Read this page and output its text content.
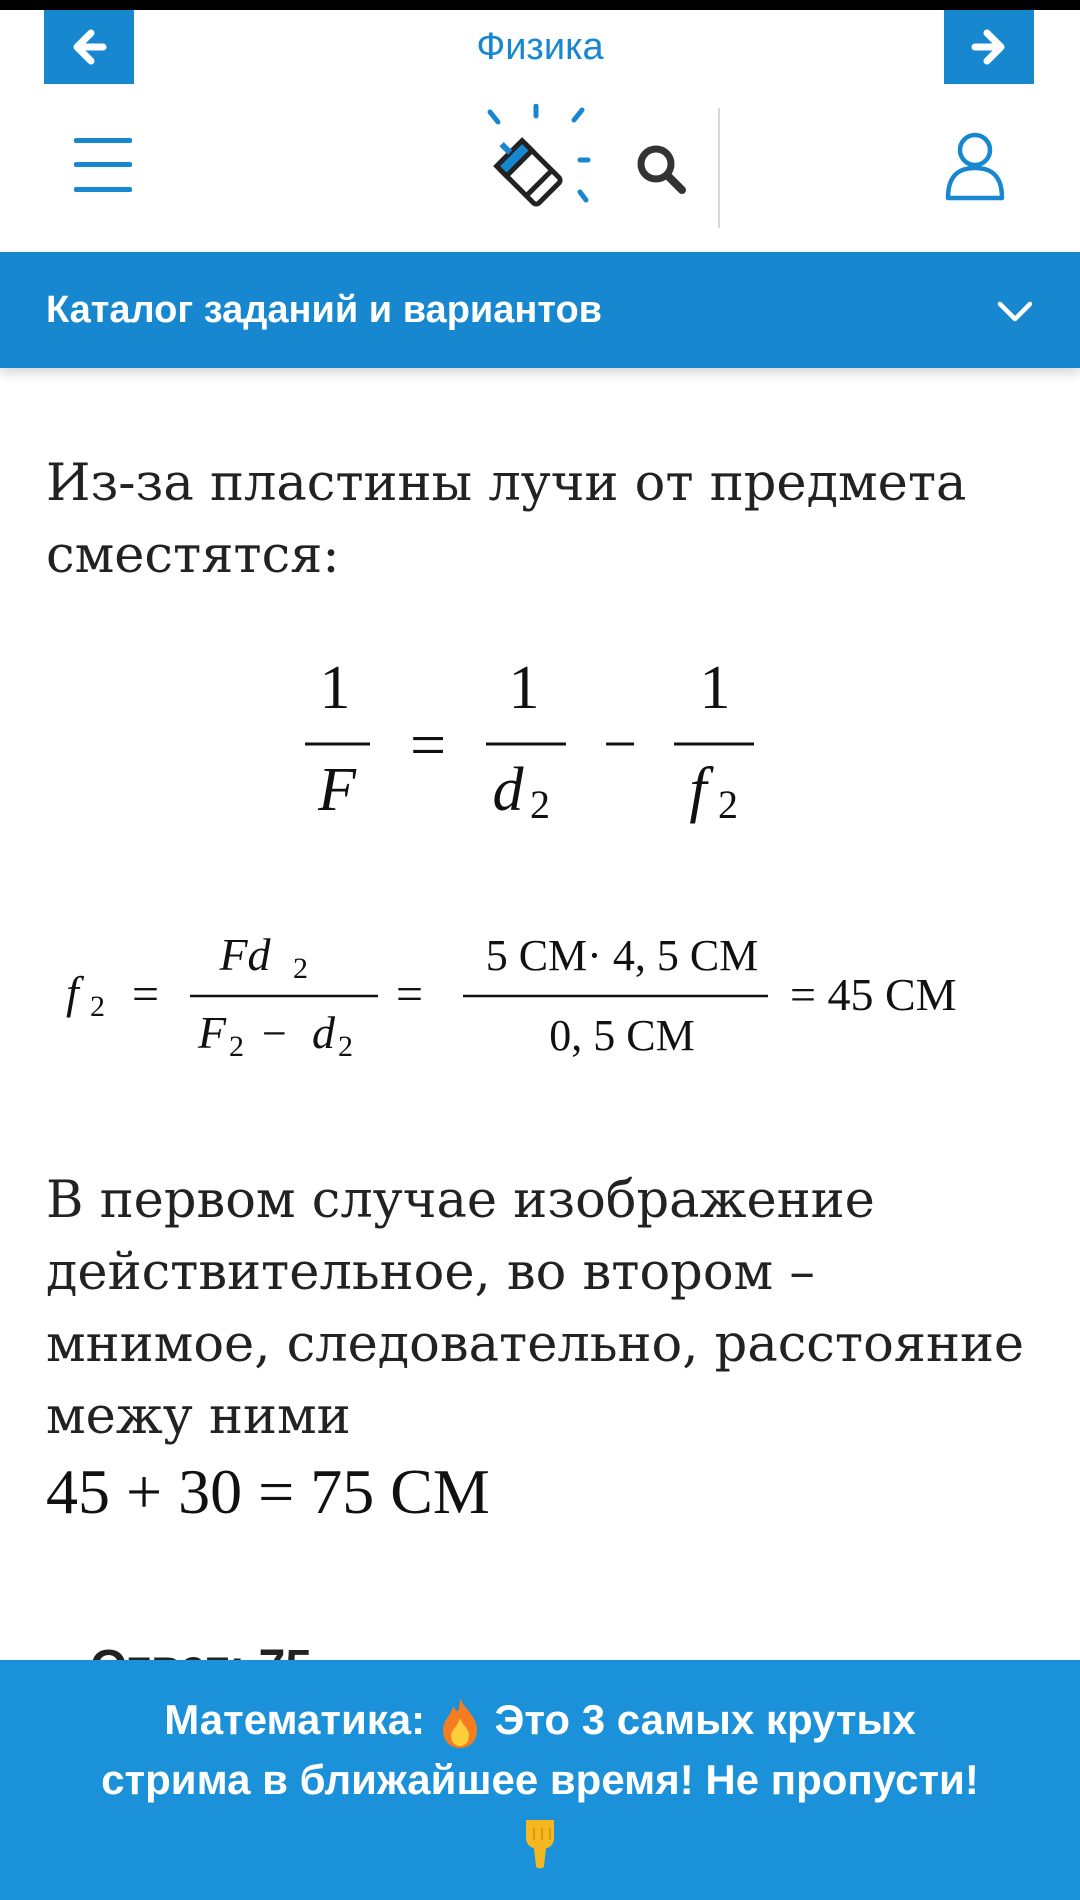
Физика
Каталог заданий и вариантов

Из-за пластины лучи от предмета сместятся:

1
F
=
1
d 2
−
1
f 2
f 2 =
Fd 2
F 2 − d 2
=
5 СМ· 4, 5 СМ
0, 5 СМ
= 45 СМ

В первом случае изображение действительное, во втором – мнимое, следовательно, расстояние межу ними

45 + 30 = 75 СМ
Математика: Это 3 самых крутых стрима в ближайшее время! Не пропусти!
